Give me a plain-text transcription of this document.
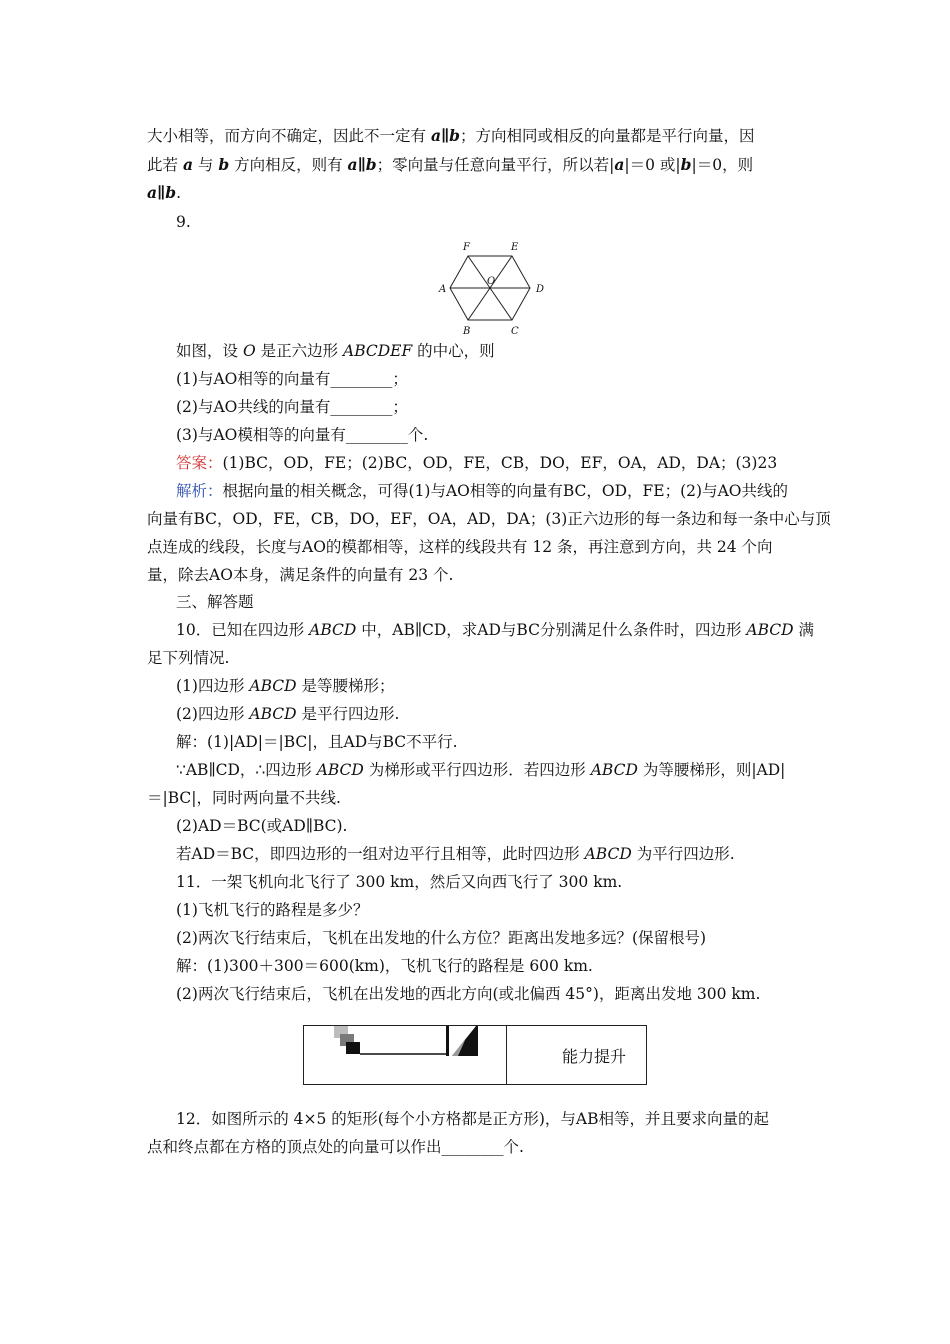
大小相等，而方向不确定，因此不一定有 a∥b；方向相同或相反的向量都是平行向量，因
此若 a 与 b 方向相反，则有 a∥b；零向量与任意向量平行，所以若|a|＝0 或|b|＝0，则
a∥b.
9.
F	E
O
A	D
B	C
如图，设 O 是正六边形 ABCDEF 的中心，则
(1)与AO相等的向量有________；
(2)与AO共线的向量有________；
(3)与AO模相等的向量有________个.
答案：(1)BC，OD，FE；(2)BC，OD，FE，CB，DO，EF，OA，AD，DA；(3)23
解析：根据向量的相关概念，可得(1)与AO相等的向量有BC，OD，FE；(2)与AO共线的
向量有BC，OD，FE，CB，DO，EF，OA，AD，DA；(3)正六边形的每一条边和每一条中心与顶
点连成的线段，长度与AO的模都相等，这样的线段共有 12 条，再注意到方向，共 24 个向
量，除去AO本身，满足条件的向量有 23 个.
三、解答题
10．已知在四边形 ABCD 中，AB∥CD，求AD与BC分别满足什么条件时，四边形 ABCD 满
足下列情况.
(1)四边形 ABCD 是等腰梯形；
(2)四边形 ABCD 是平行四边形.
解：(1)|AD|＝|BC|，且AD与BC不平行.
∵AB∥CD，∴四边形 ABCD 为梯形或平行四边形．若四边形 ABCD 为等腰梯形，则|AD|
＝|BC|，同时两向量不共线.
(2)AD＝BC(或AD∥BC).
若AD＝BC，即四边形的一组对边平行且相等，此时四边形 ABCD 为平行四边形.
11．一架飞机向北飞行了 300 km，然后又向西飞行了 300 km.
(1)飞机飞行的路程是多少？
(2)两次飞行结束后，飞机在出发地的什么方位？距离出发地多远？(保留根号)
解：(1)300＋300＝600(km)，飞机飞行的路程是 600 km.
(2)两次飞行结束后，飞机在出发地的西北方向(或北偏西 45°)，距离出发地 300 km.
能力提升
12．如图所示的 4×5 的矩形(每个小方格都是正方形)，与AB相等，并且要求向量的起
点和终点都在方格的顶点处的向量可以作出________个.
